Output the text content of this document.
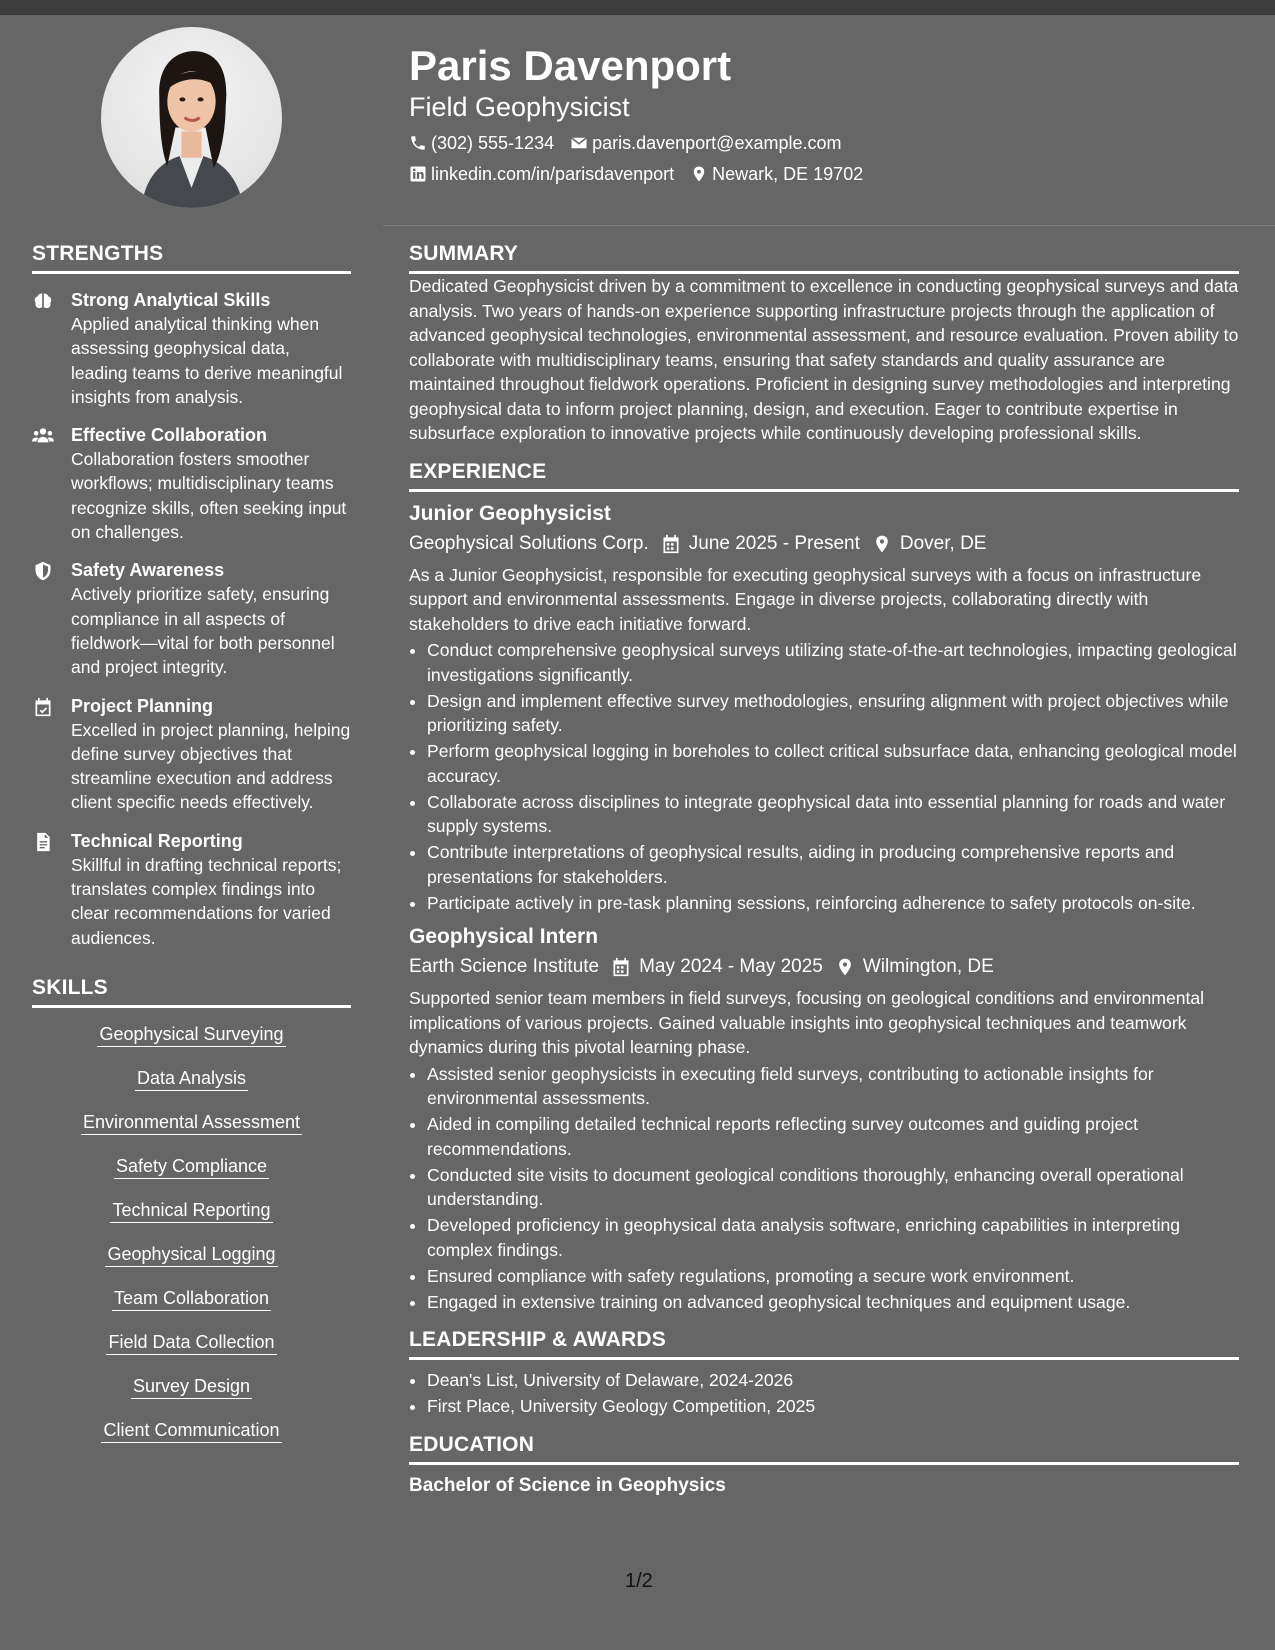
Paris Davenport
Field Geophysicist
(302) 555-1234 paris.davenport@example.com
linkedin.com/in/parisdavenport Newark, DE 19702
STRENGTHS
Strong Analytical Skills
Applied analytical thinking when assessing geophysical data, leading teams to derive meaningful insights from analysis.
Effective Collaboration
Collaboration fosters smoother workflows; multidisciplinary teams recognize skills, often seeking input on challenges.
Safety Awareness
Actively prioritize safety, ensuring compliance in all aspects of fieldwork—vital for both personnel and project integrity.
Project Planning
Excelled in project planning, helping define survey objectives that streamline execution and address client specific needs effectively.
Technical Reporting
Skillful in drafting technical reports; translates complex findings into clear recommendations for varied audiences.
SKILLS
Geophysical Surveying
Data Analysis
Environmental Assessment
Safety Compliance
Technical Reporting
Geophysical Logging
Team Collaboration
Field Data Collection
Survey Design
Client Communication
SUMMARY

Dedicated Geophysicist driven by a commitment to excellence in conducting geophysical surveys and data analysis. Two years of hands-on experience supporting infrastructure projects through the application of advanced geophysical technologies, environmental assessment, and resource evaluation. Proven ability to collaborate with multidisciplinary teams, ensuring that safety standards and quality assurance are maintained throughout fieldwork operations. Proficient in designing survey methodologies and interpreting geophysical data to inform project planning, design, and execution. Eager to contribute expertise in subsurface exploration to innovative projects while continuously developing professional skills.

EXPERIENCE
Junior Geophysicist
Geophysical Solutions Corp. June 2025 - Present Dover, DE

As a Junior Geophysicist, responsible for executing geophysical surveys with a focus on infrastructure support and environmental assessments. Engage in diverse projects, collaborating directly with stakeholders to drive each initiative forward.

• Conduct comprehensive geophysical surveys utilizing state-of-the-art technologies, impacting geological investigations significantly.
• Design and implement effective survey methodologies, ensuring alignment with project objectives while prioritizing safety.
• Perform geophysical logging in boreholes to collect critical subsurface data, enhancing geological model accuracy.
• Collaborate across disciplines to integrate geophysical data into essential planning for roads and water supply systems.
• Contribute interpretations of geophysical results, aiding in producing comprehensive reports and presentations for stakeholders.
• Participate actively in pre-task planning sessions, reinforcing adherence to safety protocols on-site.
Geophysical Intern
Earth Science Institute May 2024 - May 2025 Wilmington, DE

Supported senior team members in field surveys, focusing on geological conditions and environmental implications of various projects. Gained valuable insights into geophysical techniques and teamwork dynamics during this pivotal learning phase.

• Assisted senior geophysicists in executing field surveys, contributing to actionable insights for environmental assessments.
• Aided in compiling detailed technical reports reflecting survey outcomes and guiding project recommendations.
• Conducted site visits to document geological conditions thoroughly, enhancing overall operational understanding.
• Developed proficiency in geophysical data analysis software, enriching capabilities in interpreting complex findings.
• Ensured compliance with safety regulations, promoting a secure work environment.
• Engaged in extensive training on advanced geophysical techniques and equipment usage.
LEADERSHIP & AWARDS
• Dean's List, University of Delaware, 2024-2026
• First Place, University Geology Competition, 2025
EDUCATION
Bachelor of Science in Geophysics
1/2
